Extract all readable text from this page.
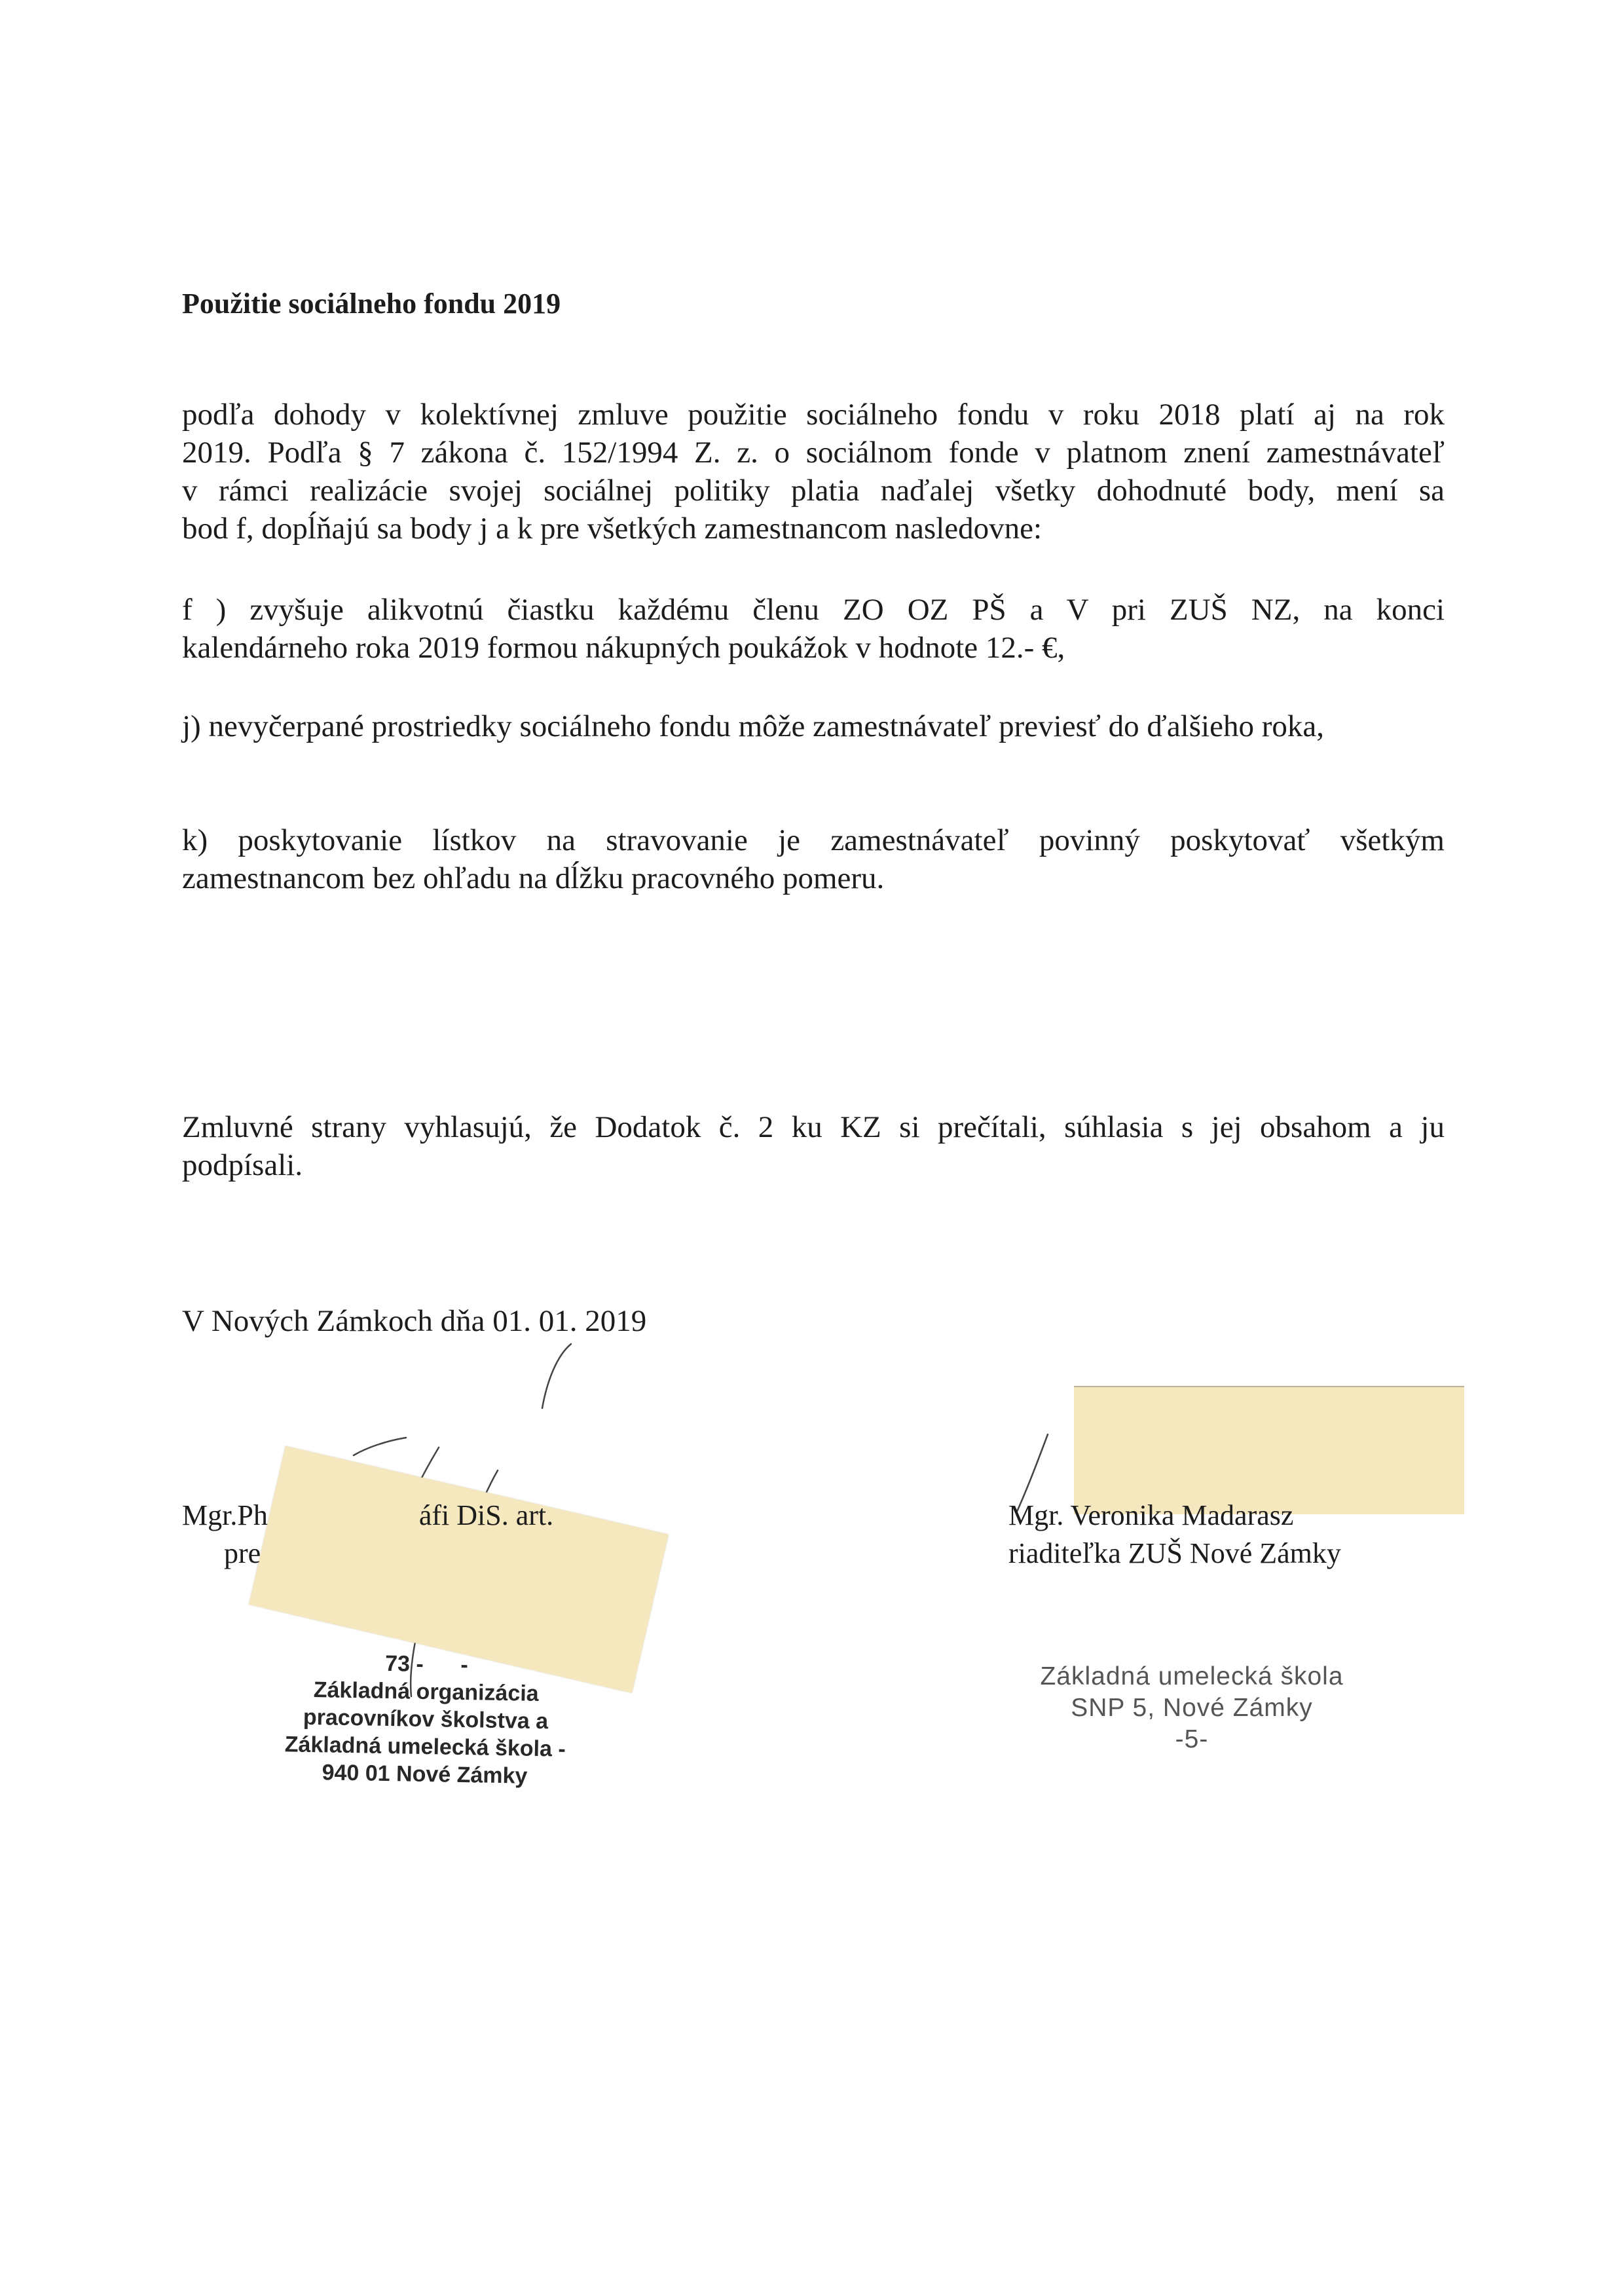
Použitie sociálneho fondu 2019
podľa dohody v kolektívnej zmluve použitie sociálneho fondu v roku 2018 platí aj na rok
2019. Podľa § 7 zákona č. 152/1994 Z. z. o sociálnom fonde v platnom znení zamestnávateľ
v rámci realizácie svojej sociálnej politiky platia naďalej všetky dohodnuté body, mení sa
bod f, dopĺňajú sa body j a k pre všetkých zamestnancom nasledovne:
f ) zvyšuje alikvotnú čiastku každému členu ZO OZ PŠ a V pri ZUŠ NZ, na konci
kalendárneho roka 2019 formou nákupných poukážok v hodnote 12.- €,
j) nevyčerpané prostriedky sociálneho fondu môže zamestnávateľ previesť do ďalšieho roka,
k) poskytovanie lístkov na stravovanie je zamestnávateľ povinný poskytovať všetkým
zamestnancom bez ohľadu na dĺžku pracovného pomeru.
Zmluvné strany vyhlasujú, že Dodatok č. 2 ku KZ si prečítali, súhlasia s jej obsahom a ju
podpísali.
V Nových Zámkoch dňa 01. 01. 2019
Mgr.Ph                     áfi DiS. art.
pre
Mgr. Veronika Madarasz
riaditeľka ZUŠ Nové Zámky
73 -      -
Základná organizácia
pracovníkov školstva a
Základná umelecká škola -
940 01 Nové Zámky
Základná umelecká škola
SNP 5, Nové Zámky
-5-
